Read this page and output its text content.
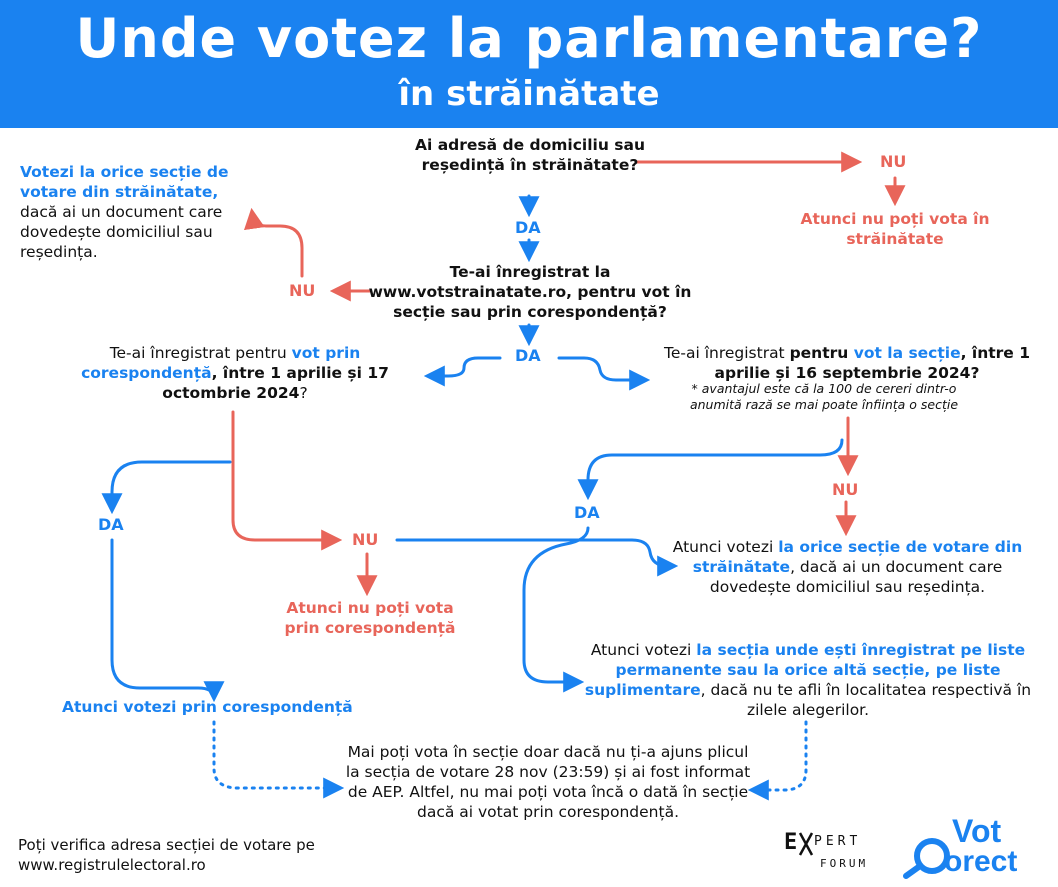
Unde votez la parlamentare?
în străinătate
Ai adresă de domiciliu sau reședință în străinătate?	NU
Atunci nu poți vota în străinătate
DA
Te-ai înregistrat la www.votstrainatate.ro, pentru vot în secție sau prin corespondență?
NU
Votezi la orice secție de votare din străinătate, dacă ai un document care dovedește domiciliul sau reședința.
DA
Te-ai înregistrat pentru vot prin corespondență, între 1 aprilie și 17 octombrie 2024?
Te-ai înregistrat pentru vot la secție, între 1 aprilie și 16 septembrie 2024?
* avantajul este că la 100 de cereri dintr-o anumită rază se mai poate înființa o secție
DA
Atunci votezi prin corespondență
NU
Atunci nu poți vota prin corespondență
NU
DA
Atunci votezi la orice secție de votare din străinătate, dacă ai un document care dovedește domiciliul sau reședința.
Atunci votezi la secția unde ești înregistrat pe liste permanente sau la orice altă secție, pe liste suplimentare, dacă nu te afli în localitatea respectivă în zilele alegerilor.
Mai poți vota în secție doar dacă nu ți-a ajuns plicul la secția de votare 28 nov (23:59) și ai fost informat de AEP. Altfel, nu mai poți vota încă o dată în secție dacă ai votat prin corespondență.
Poți verifica adresa secției de votare pe www.registrulelectoral.ro
E PERT
FORUM
Vot
orect
